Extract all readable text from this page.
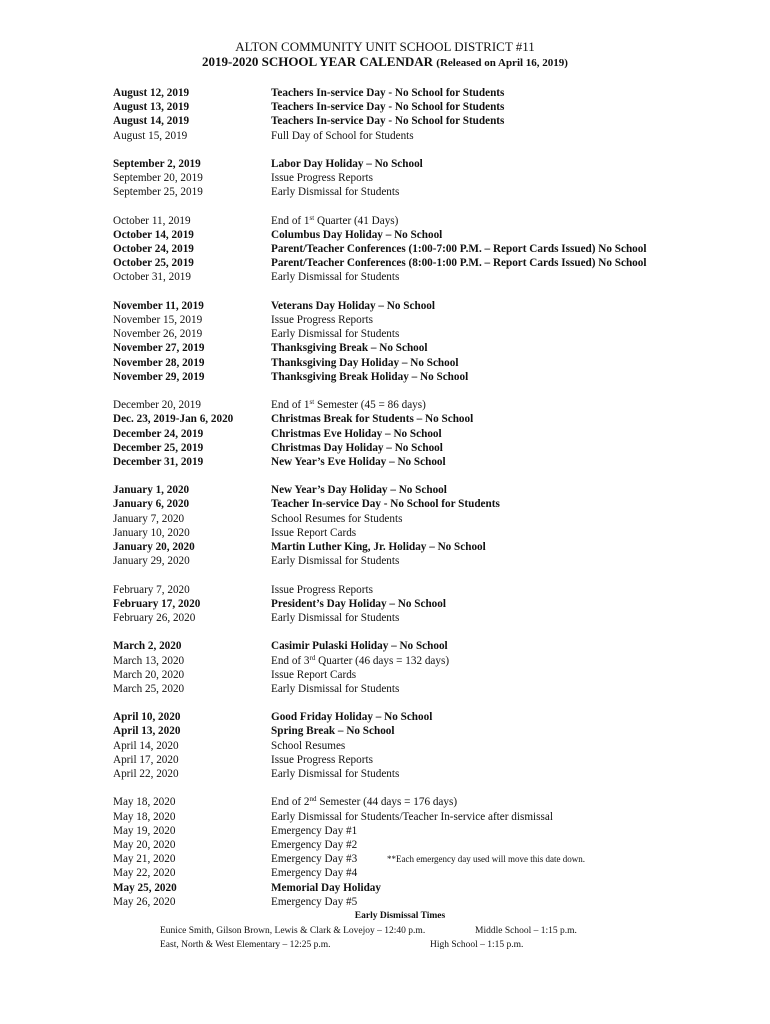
ALTON COMMUNITY UNIT SCHOOL DISTRICT #11
2019-2020 SCHOOL YEAR CALENDAR (Released on April 16, 2019)
August 12, 2019	Teachers In-service Day - No School for Students
August 13, 2019	Teachers In-service Day - No School for Students
August 14, 2019	Teachers In-service Day - No School for Students
August 15, 2019	Full Day of School for Students
September 2, 2019	Labor Day Holiday – No School
September 20, 2019	Issue Progress Reports
September 25, 2019	Early Dismissal for Students
October 11, 2019	End of 1st Quarter (41 Days)
October 14, 2019	Columbus Day Holiday – No School
October 24, 2019	Parent/Teacher Conferences (1:00-7:00 P.M. – Report Cards Issued) No School
October 25, 2019	Parent/Teacher Conferences (8:00-1:00 P.M. – Report Cards Issued) No School
October 31, 2019	Early Dismissal for Students
November 11, 2019	Veterans Day Holiday – No School
November 15, 2019	Issue Progress Reports
November 26, 2019	Early Dismissal for Students
November 27, 2019	Thanksgiving Break – No School
November 28, 2019	Thanksgiving Day Holiday – No School
November 29, 2019	Thanksgiving Break Holiday – No School
December 20, 2019	End of 1st Semester (45 = 86 days)
Dec. 23, 2019-Jan 6, 2020	Christmas Break for Students – No School
December 24, 2019	Christmas Eve Holiday – No School
December 25, 2019	Christmas Day Holiday – No School
December 31, 2019	New Year’s Eve Holiday – No School
January 1, 2020	New Year’s Day Holiday – No School
January 6, 2020	Teacher In-service Day - No School for Students
January 7, 2020	School Resumes for Students
January 10, 2020	Issue Report Cards
January 20, 2020	Martin Luther King, Jr. Holiday – No School
January 29, 2020	Early Dismissal for Students
February 7, 2020	Issue Progress Reports
February 17, 2020	President’s Day Holiday – No School
February 26, 2020	Early Dismissal for Students
March 2, 2020	Casimir Pulaski Holiday – No School
March 13, 2020	End of 3rd Quarter (46 days = 132 days)
March 20, 2020	Issue Report Cards
March 25, 2020	Early Dismissal for Students
April 10, 2020	Good Friday Holiday – No School
April 13, 2020	Spring Break – No School
April 14, 2020	School Resumes
April 17, 2020	Issue Progress Reports
April 22, 2020	Early Dismissal for Students
May 18, 2020	End of 2nd Semester (44 days = 176 days)
May 18, 2020	Early Dismissal for Students/Teacher In-service after dismissal
May 19, 2020	Emergency Day #1
May 20, 2020	Emergency Day #2
May 21, 2020	Emergency Day #3	**Each emergency day used will move this date down.
May 22, 2020	Emergency Day #4
May 25, 2020	Memorial Day Holiday
May 26, 2020	Emergency Day #5
Early Dismissal Times
Eunice Smith, Gilson Brown, Lewis & Clark & Lovejoy – 12:40 p.m.	Middle School – 1:15 p.m.
East, North & West Elementary – 12:25 p.m.	High School – 1:15 p.m.
